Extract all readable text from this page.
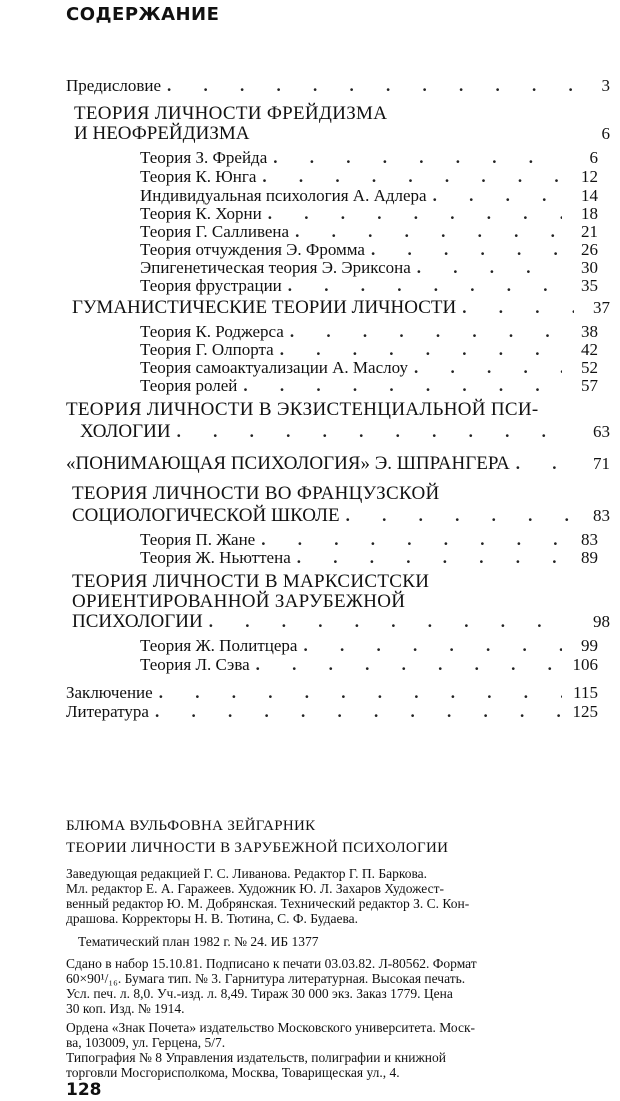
СОДЕРЖАНИЕ
Предисловие . . .	3
ТЕОРИЯ ЛИЧНОСТИ ФРЕЙДИЗМА
И НЕОФРЕЙДИЗМА	6
Теория З. Фрейда . . .	6
Теория К. Юнга . . .	12
Индивидуальная психология А. Адлера . . .	14
Теория К. Хорни . . .	18
Теория Г. Салливена . . .	21
Теория отчуждения Э. Фромма . . .	26
Эпигенетическая теория Э. Эриксона . . .	30
Теория фрустрации . . .	35
ГУМАНИСТИЧЕСКИЕ ТЕОРИИ ЛИЧНОСТИ . . .	37
Теория К. Роджерса . . .	38
Теория Г. Олпорта . . .	42
Теория самоактуализации А. Маслоу . . .	52
Теория ролей . . .	57
ТЕОРИЯ ЛИЧНОСТИ В ЭКЗИСТЕНЦИАЛЬНОЙ ПСИ-
ХОЛОГИИ . . .	63
«ПОНИМАЮЩАЯ ПСИХОЛОГИЯ» Э. ШПРАНГЕРА . . .	71
ТЕОРИЯ ЛИЧНОСТИ ВО ФРАНЦУЗСКОЙ
СОЦИОЛОГИЧЕСКОЙ ШКОЛЕ . . .	83
Теория П. Жане . . .	83
Теория Ж. Ньюттена . . .	89
ТЕОРИЯ ЛИЧНОСТИ В МАРКСИСТСКИ
ОРИЕНТИРОВАННОЙ ЗАРУБЕЖНОЙ
ПСИХОЛОГИИ . . .	98
Теория Ж. Политцера . . .	99
Теория Л. Сэва . . .	106
Заключение . . .	115
Литература . . .	125
БЛЮМА ВУЛЬФОВНА ЗЕЙГАРНИК
ТЕОРИИ ЛИЧНОСТИ В ЗАРУБЕЖНОЙ ПСИХОЛОГИИ
Заведующая редакцией Г. С. Ливанова. Редактор Г. П. Баркова.
Мл. редактор Е. А. Гаражеев. Художник Ю. Л. Захаров Художест-
венный редактор Ю. М. Добрянская. Технический редактор З. С. Кон-
драшова. Корректоры Н. В. Тютина, С. Ф. Будаева.
Тематический план 1982 г. № 24. ИБ 1377
Сдано в набор 15.10.81. Подписано к печати 03.03.82. Л-80562. Формат
60×90¹/₁₆. Бумага тип. № 3. Гарнитура литературная. Высокая печать.
Усл. печ. л. 8,0. Уч.-изд. л. 8,49. Тираж 30 000 экз. Заказ 1779. Цена
30 коп. Изд. № 1914.
Ордена «Знак Почета» издательство Московского университета. Моск-
ва, 103009, ул. Герцена, 5/7.
Типография № 8 Управления издательств, полиграфии и книжной
торговли Мосгорисполкома, Москва, Товарищеская ул., 4.
128
